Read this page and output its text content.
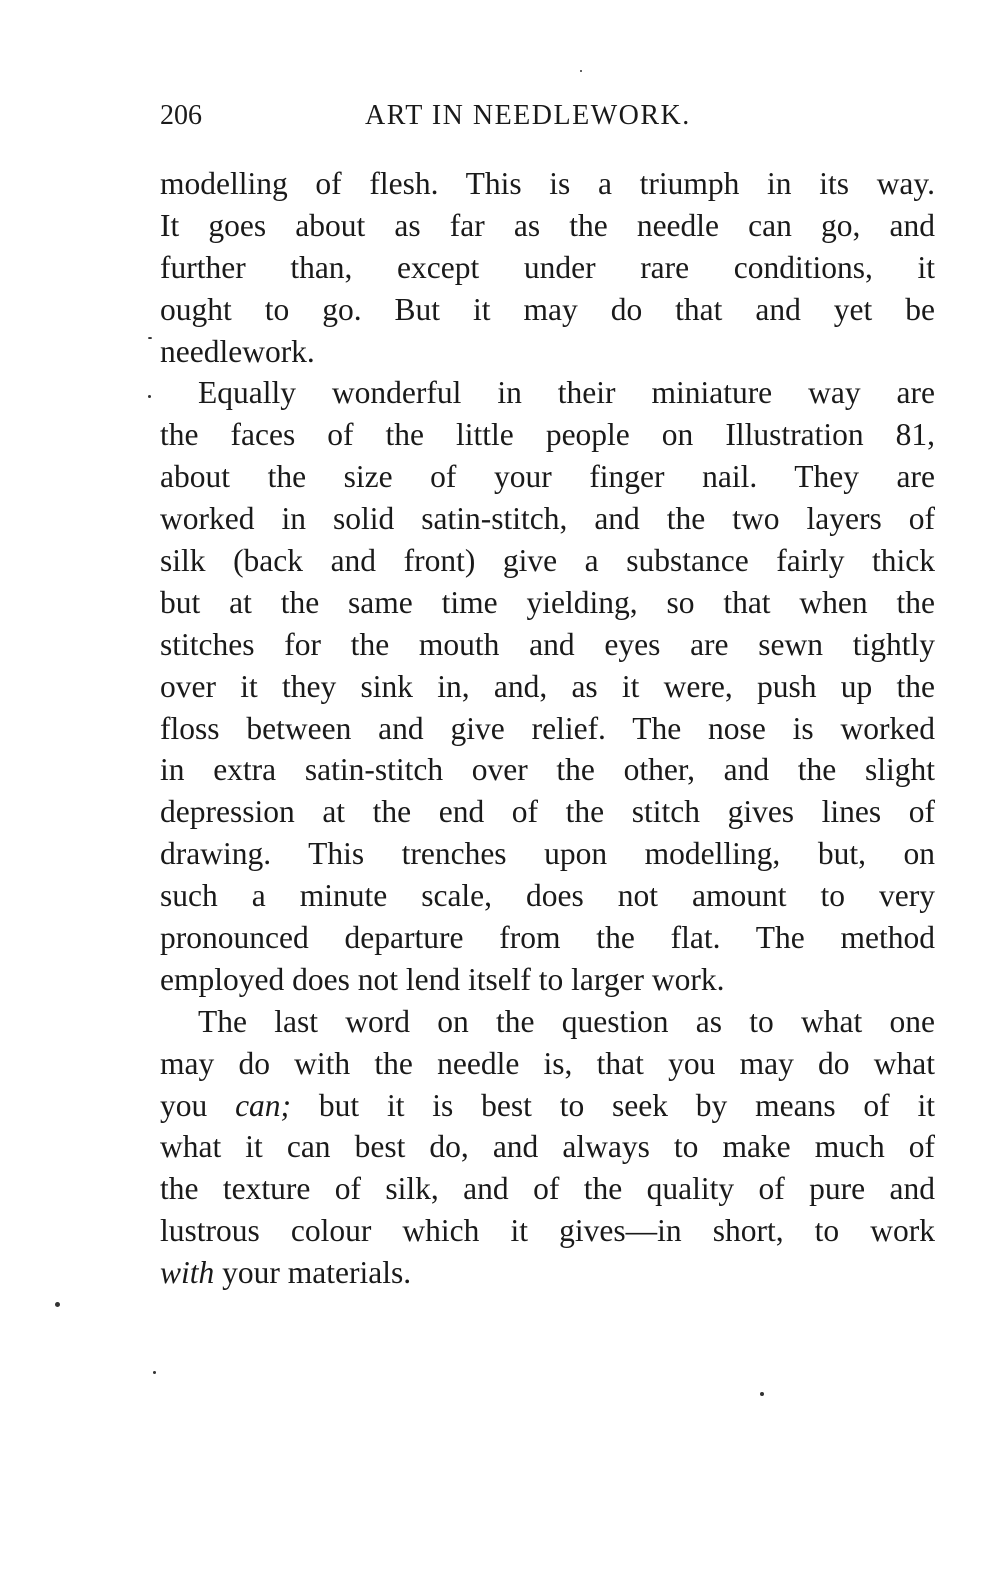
206	ART IN NEEDLEWORK.
modelling of flesh. This is a triumph in its way.
It goes about as far as the needle can go, and
further than, except under rare conditions, it
ought to go. But it may do that and yet be
needlework.
Equally wonderful in their miniature way are
the faces of the little people on Illustration 81,
about the size of your finger nail. They are
worked in solid satin-stitch, and the two layers of
silk (back and front) give a substance fairly thick
but at the same time yielding, so that when the
stitches for the mouth and eyes are sewn tightly
over it they sink in, and, as it were, push up the
floss between and give relief. The nose is worked
in extra satin-stitch over the other, and the slight
depression at the end of the stitch gives lines of
drawing. This trenches upon modelling, but, on
such a minute scale, does not amount to very
pronounced departure from the flat. The method
employed does not lend itself to larger work.
The last word on the question as to what one
may do with the needle is, that you may do what
you can; but it is best to seek by means of it
what it can best do, and always to make much of
the texture of silk, and of the quality of pure and
lustrous colour which it gives—in short, to work
with your materials.
